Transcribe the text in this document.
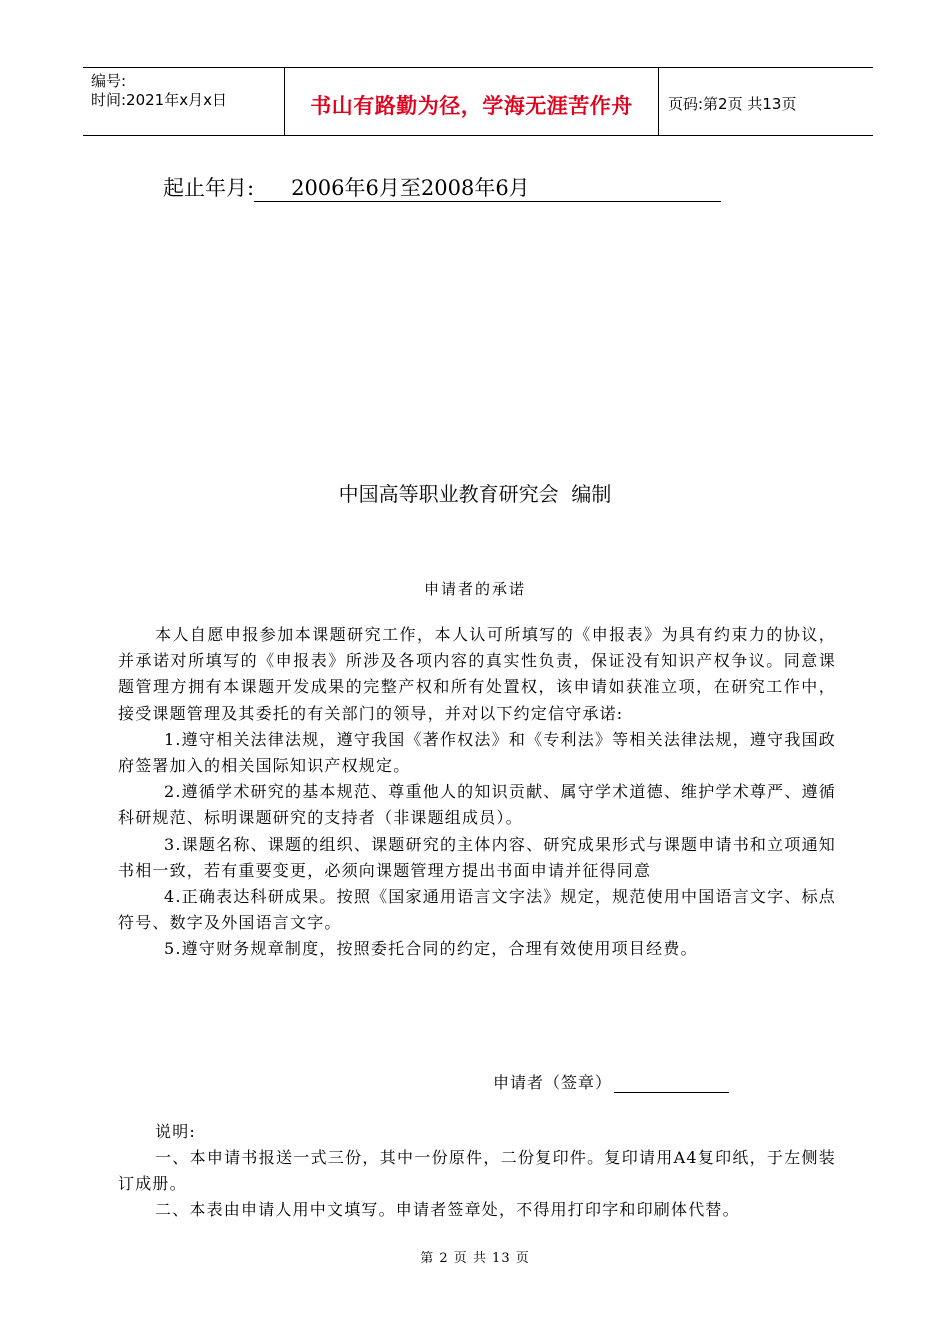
编号:
时间:2021年x月x日	书山有路勤为径，学海无涯苦作舟	页码:第2页 共13页
起止年月:	2006年6月至2008年6月
中国高等职业教育研究会  编制
申请者的承诺

本人自愿申报参加本课题研究工作，本人认可所填写的《申报表》为具有约束力的协议，并承诺对所填写的《申报表》所涉及各项内容的真实性负责，保证没有知识产权争议。同意课题管理方拥有本课题开发成果的完整产权和所有处置权，该申请如获准立项，在研究工作中，接受课题管理及其委托的有关部门的领导，并对以下约定信守承诺:

1.遵守相关法律法规，遵守我国《著作权法》和《专利法》等相关法律法规，遵守我国政府签署加入的相关国际知识产权规定。

2.遵循学术研究的基本规范、尊重他人的知识贡献、属守学术道德、维护学术尊严、遵循科研规范、标明课题研究的支持者（非课题组成员）。

3.课题名称、课题的组织、课题研究的主体内容、研究成果形式与课题申请书和立项通知书相一致，若有重要变更，必须向课题管理方提出书面申请并征得同意

4.正确表达科研成果。按照《国家通用语言文字法》规定，规范使用中国语言文字、标点符号、数字及外国语言文字。

5.遵守财务规章制度，按照委托合同的约定，合理有效使用项目经费。

申请者（签章）

说明:

一、本申请书报送一式三份，其中一份原件，二份复印件。复印请用A4复印纸，于左侧装订成册。

二、本表由申请人用中文填写。申请者签章处，不得用打印字和印刷体代替。

第 2 页 共 13 页
